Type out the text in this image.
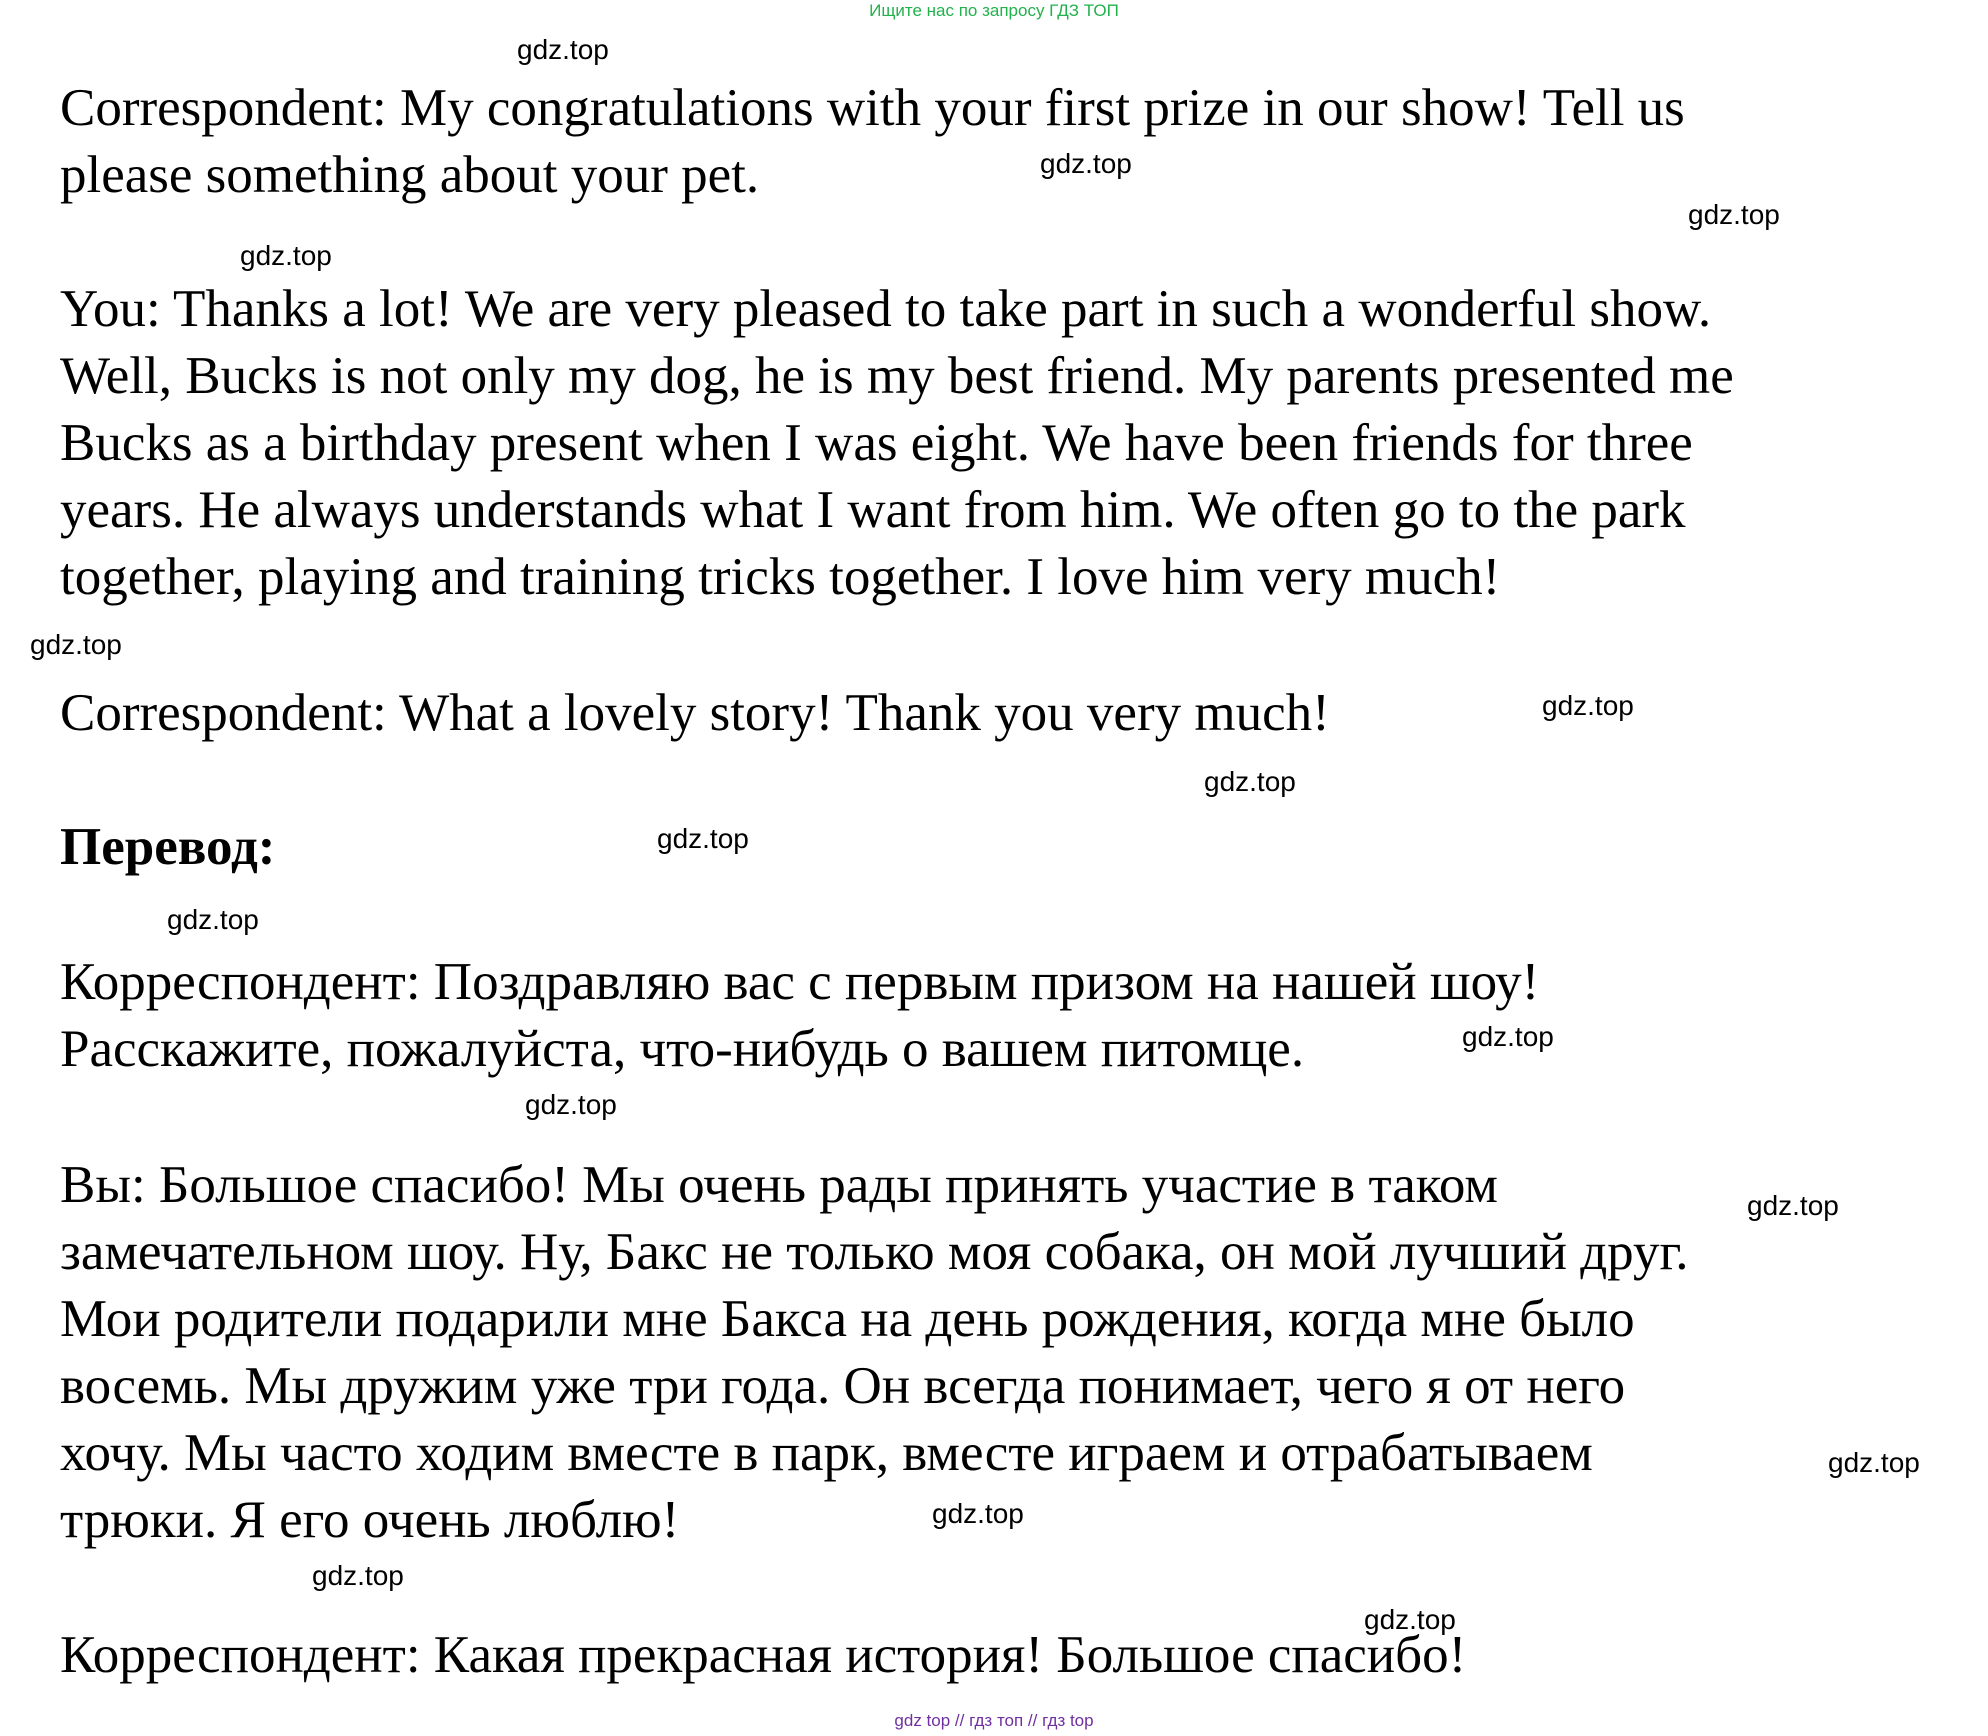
Ищите нас по запросу ГДЗ ТОП
Correspondent: My congratulations with your first prize in our show! Tell us
please something about your pet.
You: Thanks a lot! We are very pleased to take part in such a wonderful show.
Well, Bucks is not only my dog, he is my best friend. My parents presented me
Bucks as a birthday present when I was eight. We have been friends for three
years. He always understands what I want from him. We often go to the park
together, playing and training tricks together. I love him very much!
Correspondent: What a lovely story! Thank you very much!
Перевод:
Корреспондент: Поздравляю вас с первым призом на нашей шоу!
Расскажите, пожалуйста, что-нибудь о вашем питомце.
Вы: Большое спасибо! Мы очень рады принять участие в таком
замечательном шоу. Ну, Бакс не только моя собака, он мой лучший друг.
Мои родители подарили мне Бакса на день рождения, когда мне было
восемь. Мы дружим уже три года. Он всегда понимает, чего я от него
хочу. Мы часто ходим вместе в парк, вместе играем и отрабатываем
трюки. Я его очень люблю!
Корреспондент: Какая прекрасная история! Большое спасибо!
gdz.top
gdz.top
gdz.top
gdz.top
gdz.top
gdz.top
gdz.top
gdz.top
gdz.top
gdz.top
gdz.top
gdz.top
gdz.top
gdz.top
gdz.top
gdz.top
gdz top // гдз топ // гдз top
